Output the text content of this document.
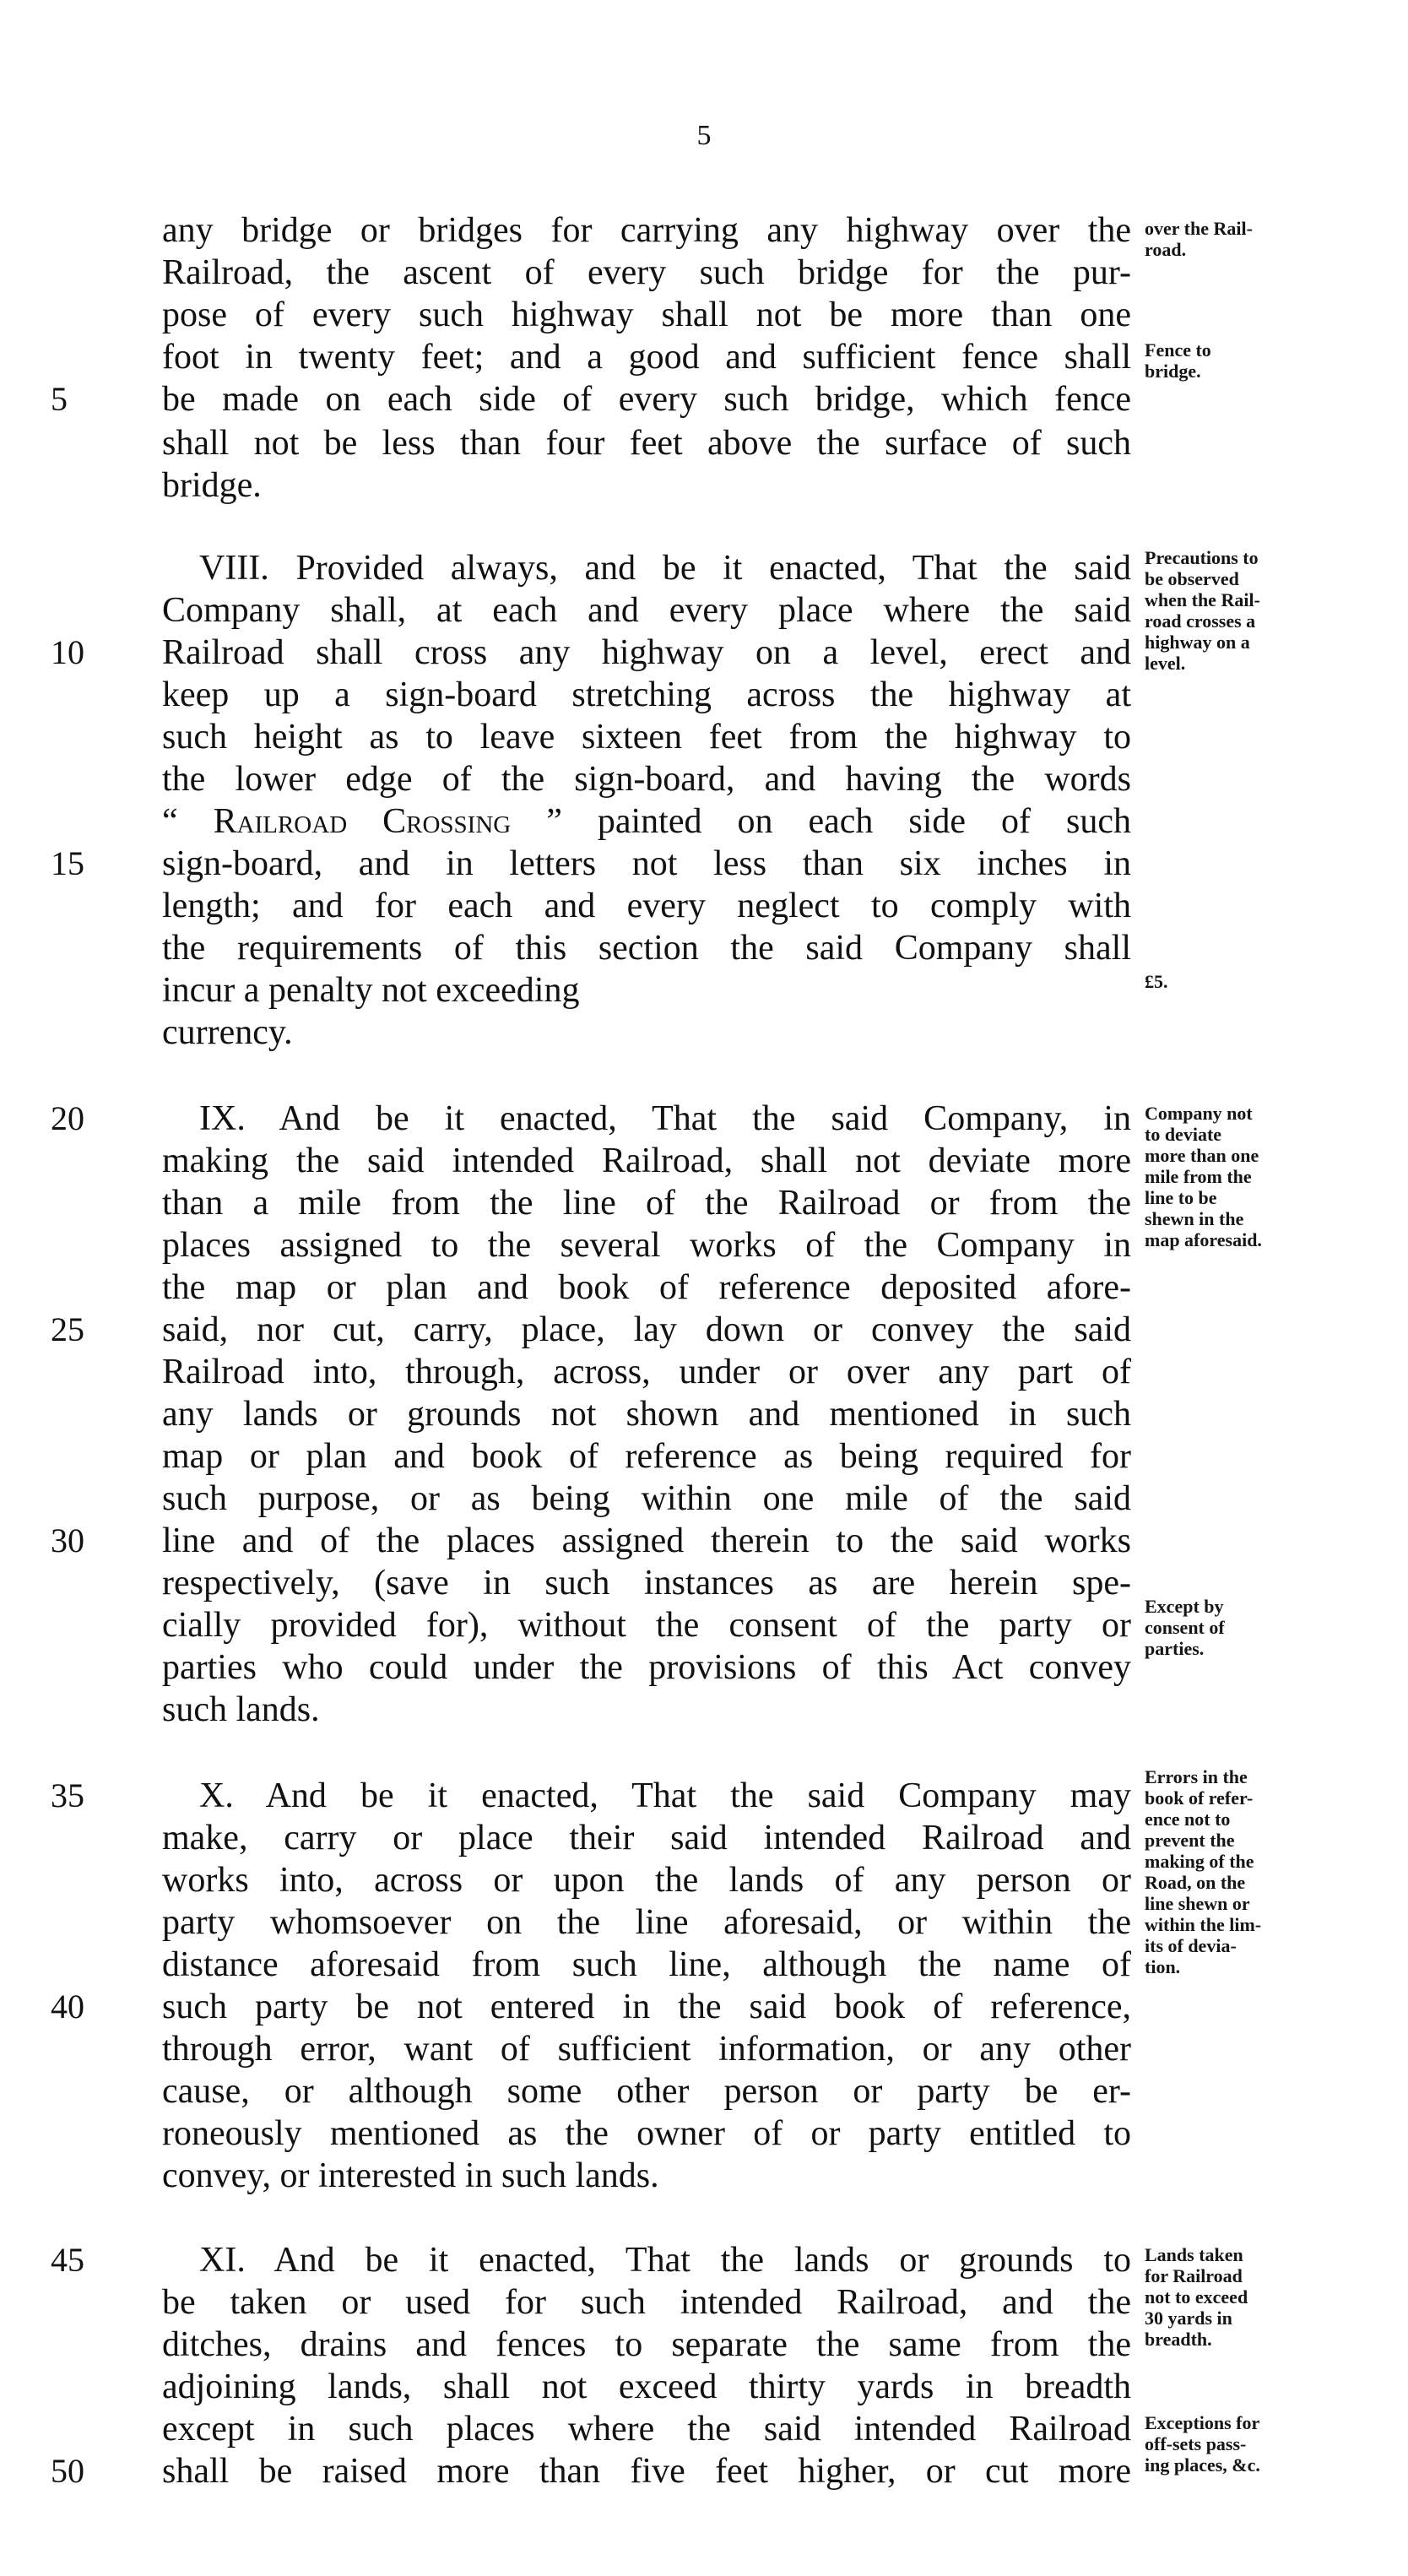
5
any bridge or bridges for carrying any highway over the
Railroad, the ascent of every such bridge for the pur-
pose of every such highway shall not be more than one
foot in twenty feet; and a good and sufficient fence shall
be made on each side of every such bridge, which fence
shall not be less than four feet above the surface of such
bridge.
VIII. Provided always, and be it enacted, That the said
Company shall, at each and every place where the said
Railroad shall cross any highway on a level, erect and
keep up a sign-board stretching across the highway at
such height as to leave sixteen feet from the highway to
the lower edge of the sign-board, and having the words
“ Railroad Crossing ” painted on each side of such
sign-board, and in letters not less than six inches in
length; and for each and every neglect to comply with
the requirements of this section the said Company shall
incur a penalty not exceeding
currency.
IX. And be it enacted, That the said Company, in
making the said intended Railroad, shall not deviate more
than a mile from the line of the Railroad or from the
places assigned to the several works of the Company in
the map or plan and book of reference deposited afore-
said, nor cut, carry, place, lay down or convey the said
Railroad into, through, across, under or over any part of
any lands or grounds not shown and mentioned in such
map or plan and book of reference as being required for
such purpose, or as being within one mile of the said
line and of the places assigned therein to the said works
respectively, (save in such instances as are herein spe-
cially provided for), without the consent of the party or
parties who could under the provisions of this Act convey
such lands.
X. And be it enacted, That the said Company may
make, carry or place their said intended Railroad and
works into, across or upon the lands of any person or
party whomsoever on the line aforesaid, or within the
distance aforesaid from such line, although the name of
such party be not entered in the said book of reference,
through error, want of sufficient information, or any other
cause, or although some other person or party be er-
roneously mentioned as the owner of or party entitled to
convey, or interested in such lands.
XI. And be it enacted, That the lands or grounds to
be taken or used for such intended Railroad, and the
ditches, drains and fences to separate the same from the
adjoining lands, shall not exceed thirty yards in breadth
except in such places where the said intended Railroad
shall be raised more than five feet higher, or cut more
5
10
15
20
25
30
35
40
45
50
over the Rail-
road.
Fence to
bridge.
Precautions to
be observed
when the Rail-
road crosses a
highway on a
level.
£5.
Company not
to deviate
more than one
mile from the
line to be
shewn in the
map aforesaid.
Except by
consent of
parties.
Errors in the
book of refer-
ence not to
prevent the
making of the
Road, on the
line shewn or
within the lim-
its of devia-
tion.
Lands taken
for Railroad
not to exceed
30 yards in
breadth.
Exceptions for
off-sets pass-
ing places, &c.
